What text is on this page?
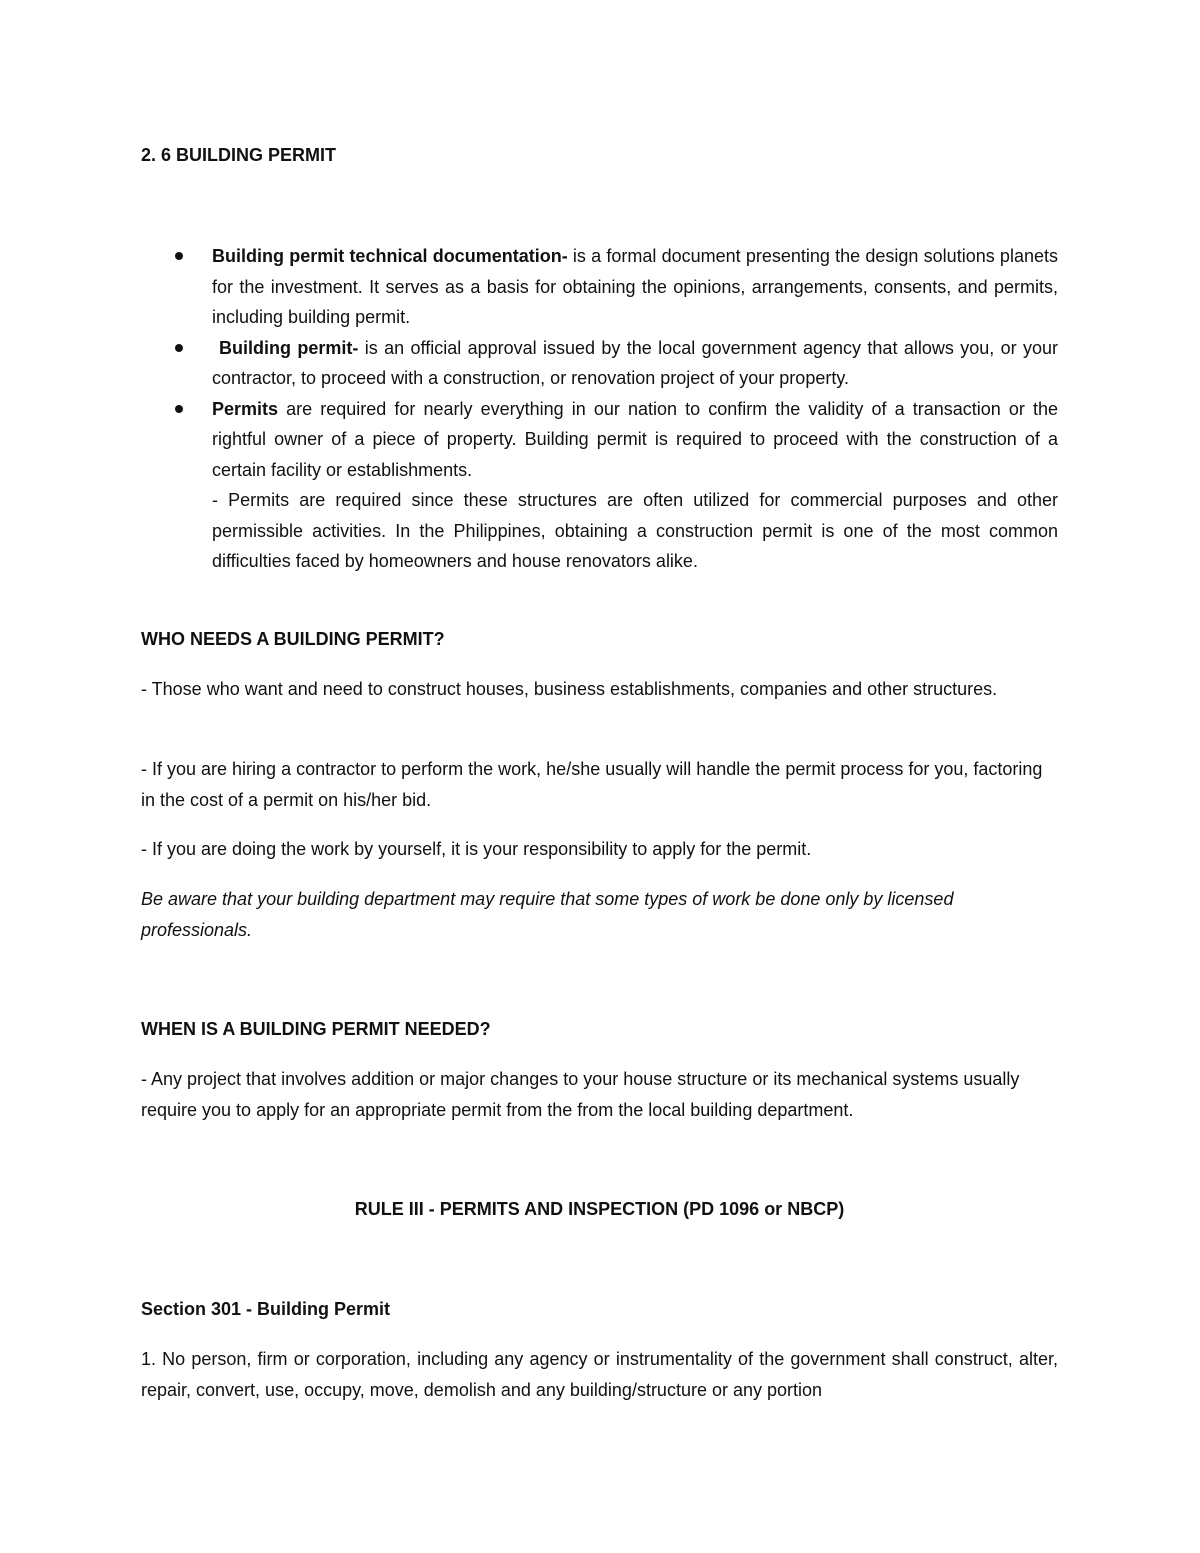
2. 6 BUILDING PERMIT
Building permit technical documentation- is a formal document presenting the design solutions planets for the investment. It serves as a basis for obtaining the opinions, arrangements, consents, and permits, including building permit.
Building permit- is an official approval issued by the local government agency that allows you, or your contractor, to proceed with a construction, or renovation project of your property.
Permits are required for nearly everything in our nation to confirm the validity of a transaction or the rightful owner of a piece of property. Building permit is required to proceed with the construction of a certain facility or establishments.
- Permits are required since these structures are often utilized for commercial purposes and other permissible activities. In the Philippines, obtaining a construction permit is one of the most common difficulties faced by homeowners and house renovators alike.
WHO NEEDS A BUILDING PERMIT?
- Those who want and need to construct houses, business establishments, companies and other structures.
- If you are hiring a contractor to perform the work, he/she usually will handle the permit process for you, factoring in the cost of a permit on his/her bid.
- If you are doing the work by yourself, it is your responsibility to apply for the permit.
Be aware that your building department may require that some types of work be done only by licensed professionals.
WHEN IS A BUILDING PERMIT NEEDED?
- Any project that involves addition or major changes to your house structure or its mechanical systems usually require you to apply for an appropriate permit from the from the local building department.
RULE III - PERMITS AND INSPECTION (PD 1096 or NBCP)
Section 301 - Building Permit
1. No person, firm or corporation, including any agency or instrumentality of the government shall construct, alter, repair, convert, use, occupy, move, demolish and any building/structure or any portion
